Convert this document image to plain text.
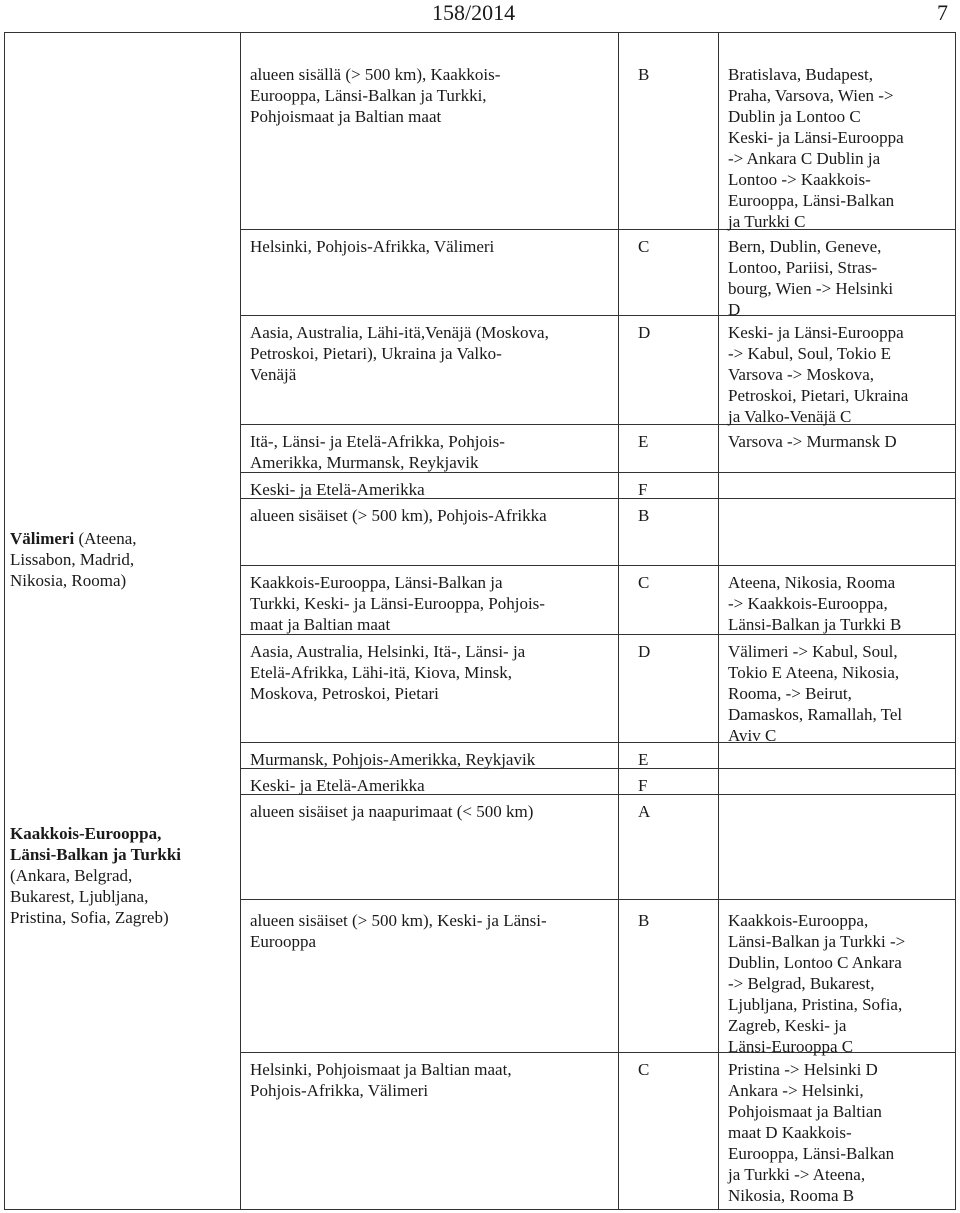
158/2014	7

Välimeri (Ateena,
Lissabon, Madrid,
Nikosia, Rooma)

Kaakkois-Eurooppa,
Länsi-Balkan ja Turkki
(Ankara, Belgrad,
Bukarest, Ljubljana,
Pristina, Sofia, Zagreb)

alueen sisällä (> 500 km), Kaakkois-
Eurooppa, Länsi-Balkan ja Turkki,
Pohjoismaat ja Baltian maat
B	Bratislava, Budapest,
Praha, Varsova, Wien ->
Dublin ja Lontoo C
Keski- ja Länsi-Eurooppa
-> Ankara C Dublin ja
Lontoo -> Kaakkois-
Eurooppa, Länsi-Balkan
ja Turkki C
Helsinki, Pohjois-Afrikka, Välimeri	C	Bern, Dublin, Geneve,
Lontoo, Pariisi, Stras-
bourg, Wien -> Helsinki
D
Aasia, Australia, Lähi-itä,Venäjä (Moskova,
Petroskoi, Pietari), Ukraina ja Valko-
Venäjä
D	Keski- ja Länsi-Eurooppa
-> Kabul, Soul, Tokio E
Varsova -> Moskova,
Petroskoi, Pietari, Ukraina
ja Valko-Venäjä C
Itä-, Länsi- ja Etelä-Afrikka, Pohjois-
Amerikka, Murmansk, Reykjavik
E	Varsova -> Murmansk D
Keski- ja Etelä-Amerikka	F
alueen sisäiset (> 500 km), Pohjois-Afrikka	B
Kaakkois-Eurooppa, Länsi-Balkan ja
Turkki, Keski- ja Länsi-Eurooppa, Pohjois-
maat ja Baltian maat
C	Ateena, Nikosia, Rooma
-> Kaakkois-Eurooppa,
Länsi-Balkan ja Turkki B
Aasia, Australia, Helsinki, Itä-, Länsi- ja
Etelä-Afrikka, Lähi-itä, Kiova, Minsk,
Moskova, Petroskoi, Pietari
D	Välimeri -> Kabul, Soul,
Tokio E Ateena, Nikosia,
Rooma, -> Beirut,
Damaskos, Ramallah, Tel
Aviv C
Murmansk, Pohjois-Amerikka, Reykjavik	E
Keski- ja Etelä-Amerikka	F
alueen sisäiset ja naapurimaat (< 500 km)	A
alueen sisäiset (> 500 km), Keski- ja Länsi-
Eurooppa
B	Kaakkois-Eurooppa,
Länsi-Balkan ja Turkki ->
Dublin, Lontoo C Ankara
-> Belgrad, Bukarest,
Ljubljana, Pristina, Sofia,
Zagreb, Keski- ja
Länsi-Eurooppa C
Helsinki, Pohjoismaat ja Baltian maat,
Pohjois-Afrikka, Välimeri
C	Pristina -> Helsinki D
Ankara -> Helsinki,
Pohjoismaat ja Baltian
maat D Kaakkois-
Eurooppa, Länsi-Balkan
ja Turkki -> Ateena,
Nikosia, Rooma B
